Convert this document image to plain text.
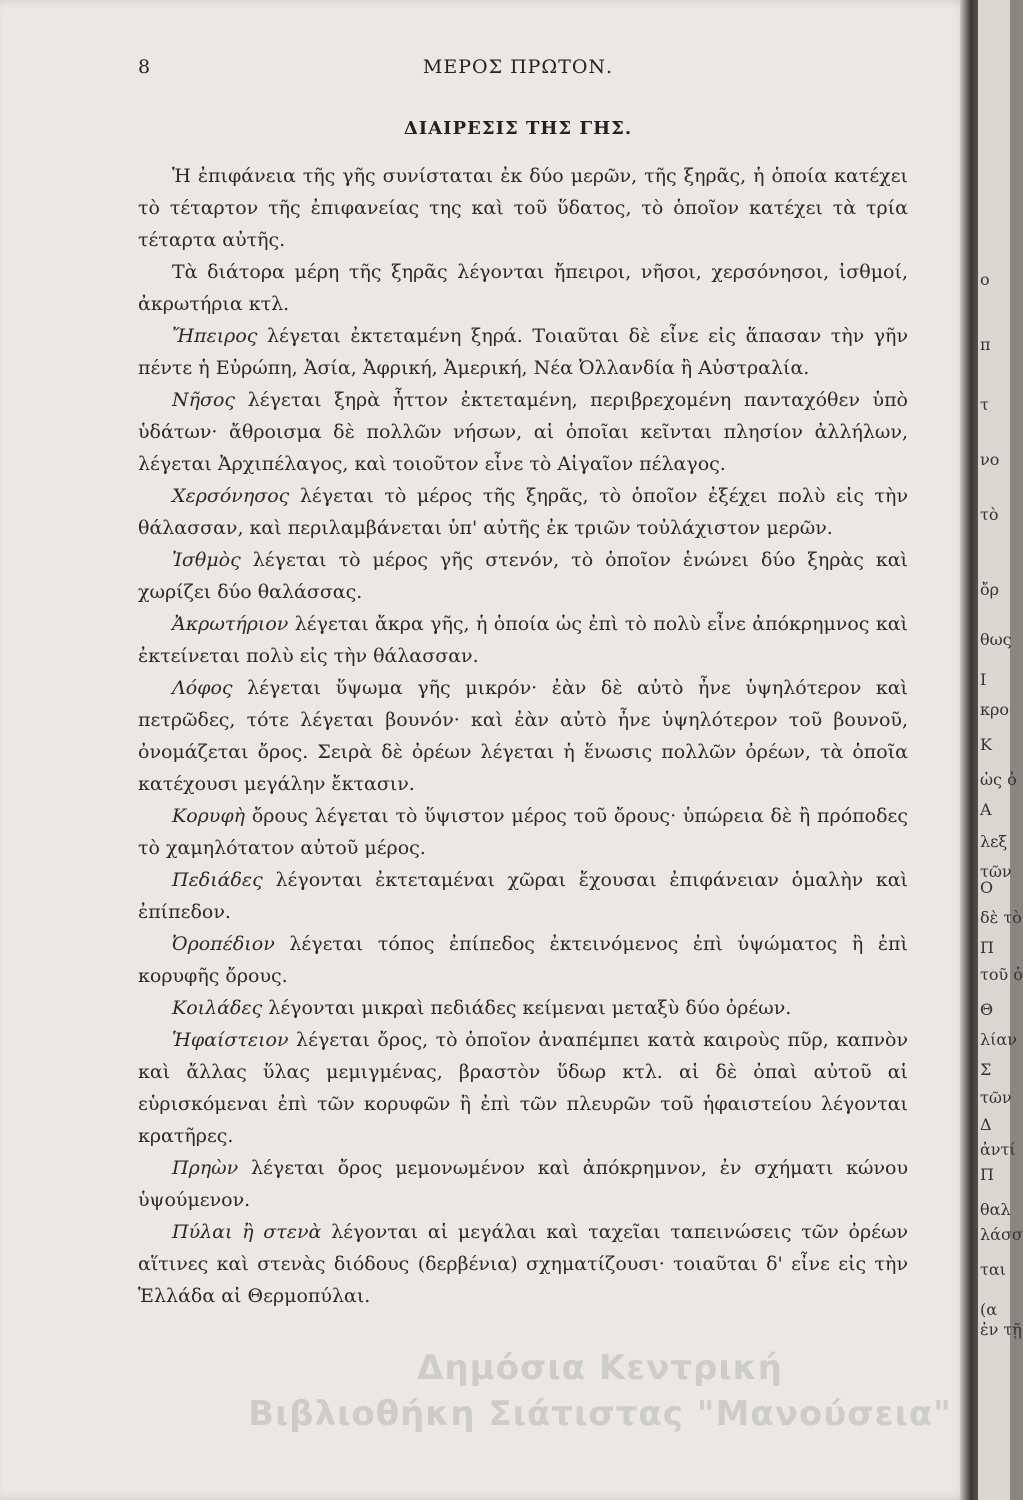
8	ΜΕΡΟΣ ΠΡΩΤΟΝ.
ΔΙΑΙΡΕΣΙΣ ΤΗΣ ΓΗΣ.

Ἡ ἐπιφάνεια τῆς γῆς συνίσταται ἐκ δύο μερῶν, τῆς ξηρᾶς, ἡ ὁποία κατέχει τὸ τέταρτον τῆς ἐπιφανείας της καὶ τοῦ ὕδατος, τὸ ὁποῖον κατέχει τὰ τρία τέταρτα αὐτῆς.

Τὰ διάτορα μέρη τῆς ξηρᾶς λέγονται ἤπειροι, νῆσοι, χερσόνησοι, ἰσθμοί, ἀκρωτήρια κτλ.

Ἤπειρος λέγεται ἐκτεταμένη ξηρά. Τοιαῦται δὲ εἶνε εἰς ἅπασαν τὴν γῆν πέντε ἡ Εὐρώπη, Ἀσία, Ἀφρική, Ἀμερική, Νέα Ὀλλανδία ἢ Αὐστραλία.

Νῆσος λέγεται ξηρὰ ἧττον ἐκτεταμένη, περιβρεχομένη πανταχόθεν ὑπὸ ὑδάτων· ἄθροισμα δὲ πολλῶν νήσων, αἱ ὁποῖαι κεῖνται πλησίον ἀλλήλων, λέγεται Ἀρχιπέλαγος, καὶ τοιοῦτον εἶνε τὸ Αἰγαῖον πέλαγος.

Χερσόνησος λέγεται τὸ μέρος τῆς ξηρᾶς, τὸ ὁποῖον ἐξέχει πολὺ εἰς τὴν θάλασσαν, καὶ περιλαμβάνεται ὑπ' αὐτῆς ἐκ τριῶν τοὐλάχιστον μερῶν.

Ἰσθμὸς λέγεται τὸ μέρος γῆς στενόν, τὸ ὁποῖον ἑνώνει δύο ξηρὰς καὶ χωρίζει δύο θαλάσσας.

Ἀκρωτήριον λέγεται ἄκρα γῆς, ἡ ὁποία ὡς ἐπὶ τὸ πολὺ εἶνε ἀπόκρημνος καὶ ἐκτείνεται πολὺ εἰς τὴν θάλασσαν.

Λόφος λέγεται ὕψωμα γῆς μικρόν· ἐὰν δὲ αὐτὸ ἦνε ὑψηλότερον καὶ πετρῶδες, τότε λέγεται βουνόν· καὶ ἐὰν αὐτὸ ἦνε ὑψηλότερον τοῦ βουνοῦ, ὀνομάζεται ὄρος. Σειρὰ δὲ ὀρέων λέγεται ἡ ἕνωσις πολλῶν ὀρέων, τὰ ὁποῖα κατέχουσι μεγάλην ἔκτασιν.

Κορυφὴ ὄρους λέγεται τὸ ὕψιστον μέρος τοῦ ὄρους· ὑπώρεια δὲ ἢ πρόποδες τὸ χαμηλότατον αὐτοῦ μέρος.

Πεδιάδες λέγονται ἐκτεταμέναι χῶραι ἔχουσαι ἐπιφάνειαν ὁμαλὴν καὶ ἐπίπεδον.

Ὀροπέδιον λέγεται τόπος ἐπίπεδος ἐκτεινόμενος ἐπὶ ὑψώματος ἢ ἐπὶ κορυφῆς ὄρους.

Κοιλάδες λέγονται μικραὶ πεδιάδες κείμεναι μεταξὺ δύο ὀρέων.

Ἡφαίστειον λέγεται ὄρος, τὸ ὁποῖον ἀναπέμπει κατὰ καιροὺς πῦρ, καπνὸν καὶ ἄλλας ὕλας μεμιγμένας, βραστὸν ὕδωρ κτλ. αἱ δὲ ὀπαὶ αὐτοῦ αἱ εὑρισκόμεναι ἐπὶ τῶν κορυφῶν ἢ ἐπὶ τῶν πλευρῶν τοῦ ἡφαιστείου λέγονται κρατῆρες.

Πρηὼν λέγεται ὄρος μεμονωμένον καὶ ἀπόκρημνον, ἐν σχήματι κώνου ὑψούμενον.

Πύλαι ἢ στενὰ λέγονται αἱ μεγάλαι καὶ ταχεῖαι ταπεινώσεις τῶν ὀρέων αἵτινες καὶ στενὰς διόδους (δερβένια) σχηματίζουσι· τοιαῦται δ' εἶνε εἰς τὴν Ἑλλάδα αἱ Θερμοπύλαι.

ο
π
τ
νο
τὸ
ὄρ
θως
Ι
κρο
Κ
ὡς ὁ
Α
λεξ
τῶν
Ο
δὲ τὸ
Π
τοῦ ὁ
Θ
λίαν
Σ
τῶν
Δ
ἀντί
Π
θαλ
λάσσ
ται
(α
ἐν τῇ
Δημόσια Κεντρική
Βιβλιοθήκη Σιάτιστας "Μανούσεια"
